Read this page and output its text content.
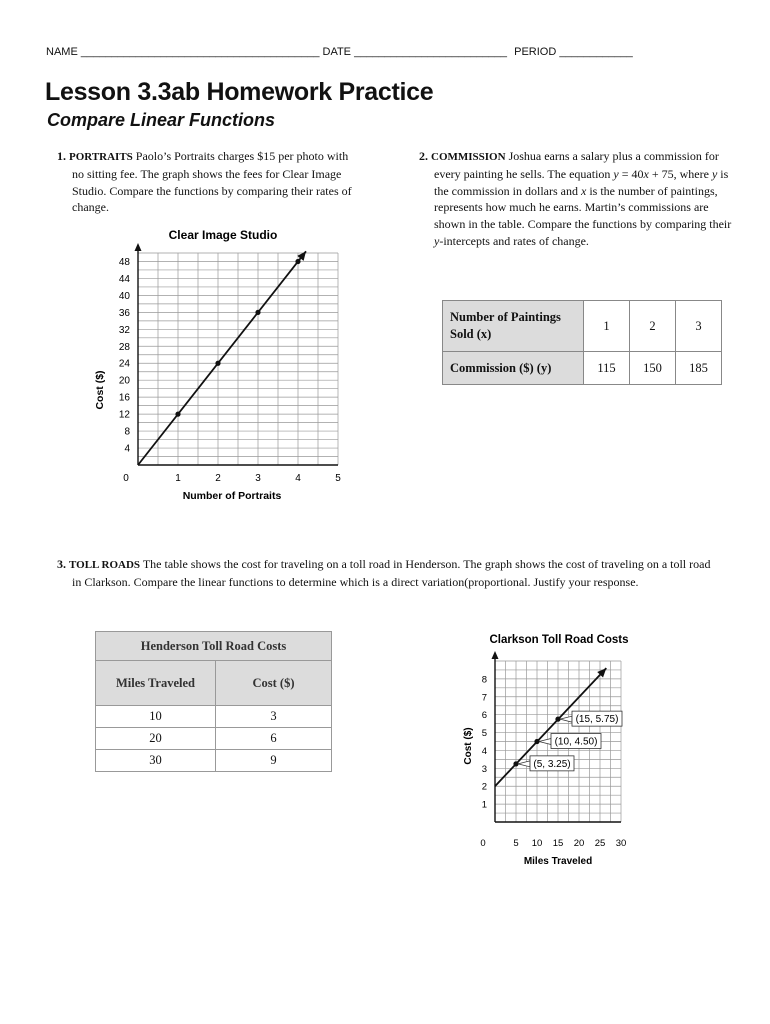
NAME _______________________________________ DATE _________________________ PERIOD ____________
Lesson 3.3ab Homework Practice
Compare Linear Functions
1. PORTRAITS Paolo’s Portraits charges $15 per photo with no sitting fee. The graph shows the fees for Clear Image Studio. Compare the functions by comparing their rates of change.
2. COMMISSION Joshua earns a salary plus a commission for every painting he sells. The equation y = 40x + 75, where y is the commission in dollars and x is the number of paintings, represents how much he earns. Martin’s commissions are shown in the table. Compare the functions by comparing their y-intercepts and rates of change.
Number of Paintings Sold (x)	1	2	3
Commission ($) (y)	115	150	185
Clear Image Studio
4
8
12
16
20
24
28
32
36
40
44
48
0	1	2	3	4	5
Number of Portraits
Cost ($)
3. TOLL ROADS The table shows the cost for traveling on a toll road in Henderson. The graph shows the cost of traveling on a toll road in Clarkson. Compare the linear functions to determine which is a direct variation(proportional. Justify your response.
Henderson Toll Road Costs	
Miles Traveled	Cost ($)
10	3
20	6
30	9
Clarkson Toll Road Costs
1
2
3
4
5
6
7
8
0	5 10 15 20 25 30
(5, 3.25)
(10, 4.50)
(15, 5.75)
Miles Traveled
Cost ($)
